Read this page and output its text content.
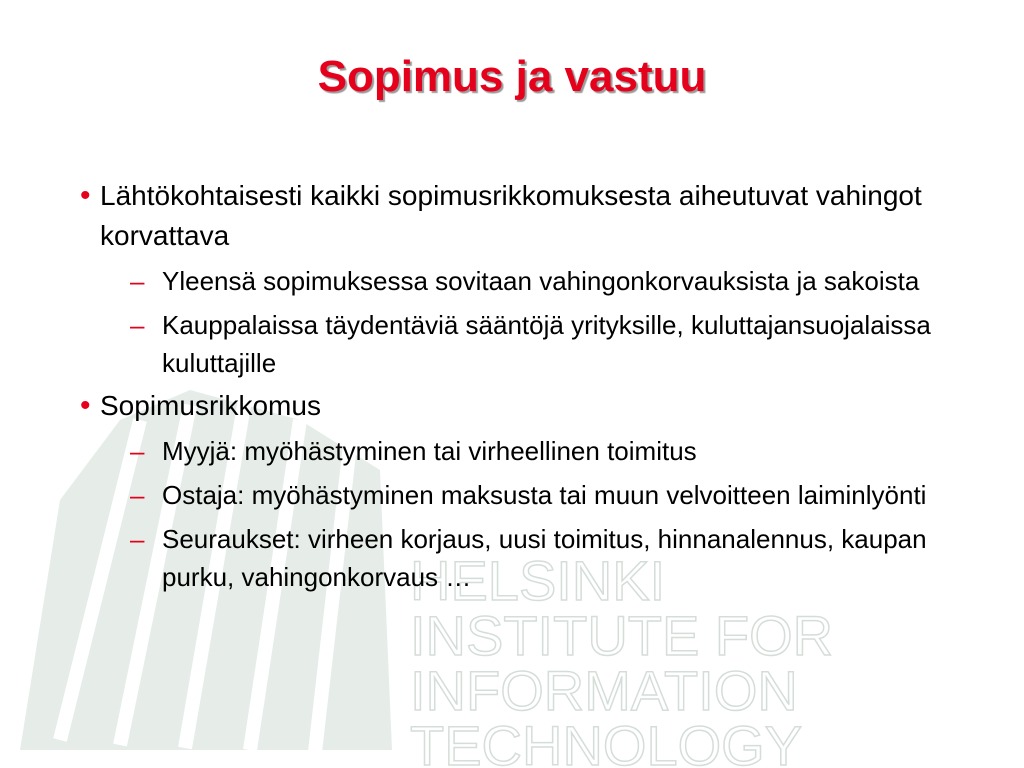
HELSINKI
INSTITUTE FOR
INFORMATION
TECHNOLOGY
Sopimus ja vastuu
• Lähtökohtaisesti kaikki sopimusrikkomuksesta aiheutuvat vahingot korvattava
– Yleensä sopimuksessa sovitaan vahingonkorvauksista ja sakoista
– Kauppalaissa täydentäviä sääntöjä yrityksille, kuluttajansuojalaissa kuluttajille
• Sopimusrikkomus
– Myyjä: myöhästyminen tai virheellinen toimitus
– Ostaja: myöhästyminen maksusta tai muun velvoitteen laiminlyönti
– Seuraukset: virheen korjaus, uusi toimitus, hinnanalennus, kaupan purku, vahingonkorvaus …
